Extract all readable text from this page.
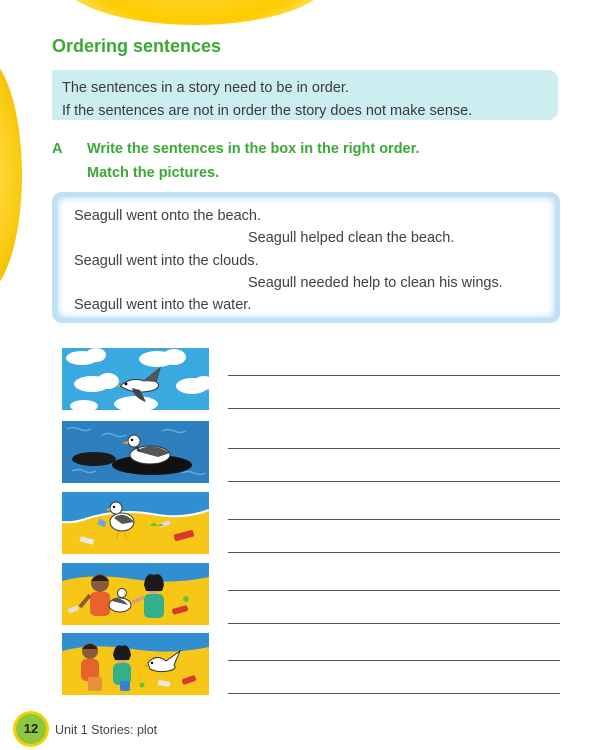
Ordering sentences
The sentences in a story need to be in order.
If the sentences are not in order the story does not make sense.
A Write the sentences in the box in the right order.
Match the pictures.
Seagull went onto the beach.
Seagull helped clean the beach.
Seagull went into the clouds.
Seagull needed help to clean his wings.
Seagull went into the water.
12	Unit 1 Stories: plot
